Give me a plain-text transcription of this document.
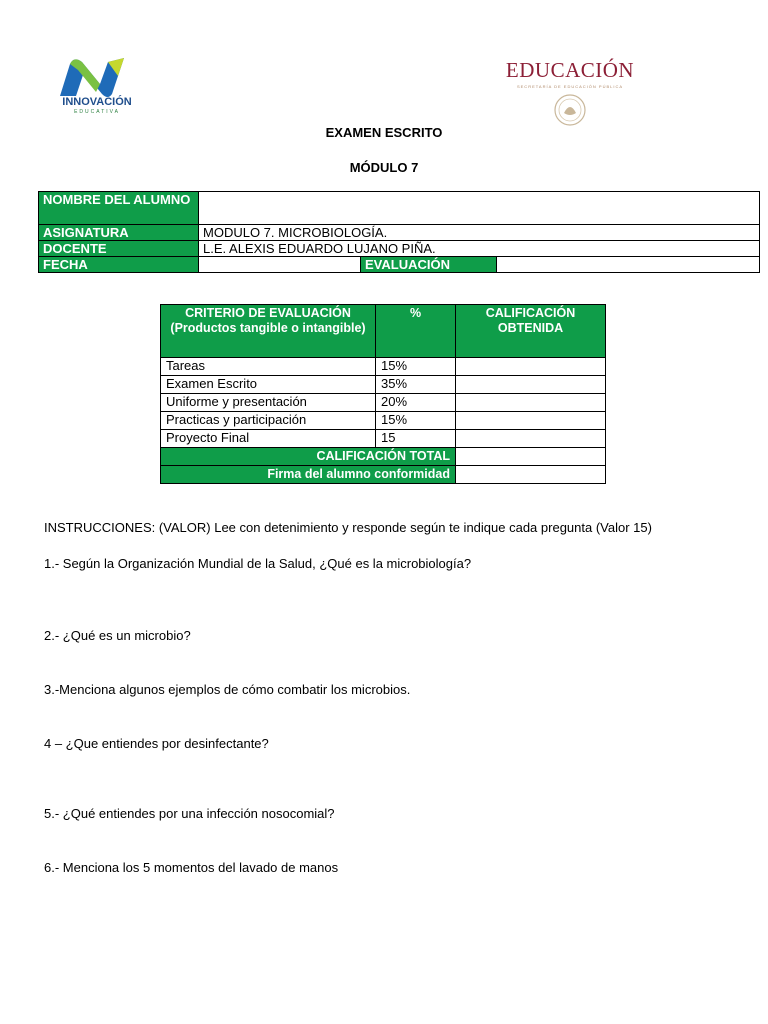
INNOVACIÓN
EDUCATIVA
EDUCACIÓN
SECRETARÍA DE EDUCACIÓN PÚBLICA
EXAMEN ESCRITO
MÓDULO 7
NOMBRE DEL ALUMNO			
ASIGNATURA	MODULO 7. MICROBIOLOGÍA.		
DOCENTE	L.E. ALEXIS EDUARDO LUJANO PIÑA.		
FECHA		EVALUACIÓN	
CRITERIO DE EVALUACIÓN (Productos tangible o intangible)	%	CALIFICACIÓN OBTENIDA
Tareas	15%	
Examen Escrito	35%	
Uniforme y presentación	20%	
Practicas y participación	15%	
Proyecto Final	15	
CALIFICACIÓN TOTAL		
Firma del alumno conformidad		
INSTRUCCIONES: (VALOR) Lee con detenimiento y responde según te indique cada pregunta (Valor 15)
1.- Según la Organización Mundial de la Salud, ¿Qué es la microbiología?
2.- ¿Qué es un microbio?
3.-Menciona algunos ejemplos de cómo combatir los microbios.
4 – ¿Que entiendes por desinfectante?
5.- ¿Qué entiendes por una infección nosocomial?
6.- Menciona los 5 momentos del lavado de manos
